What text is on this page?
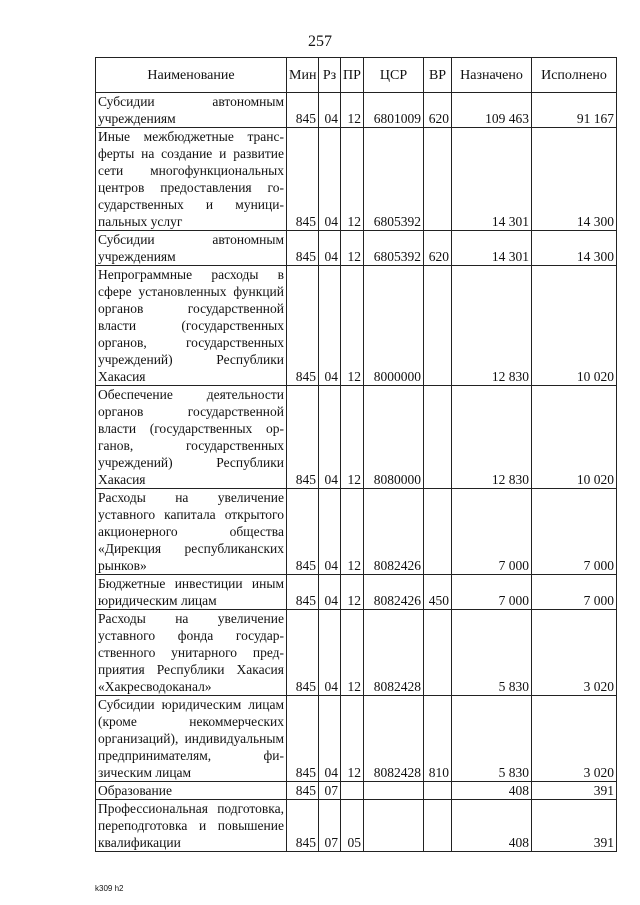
257
Наименование	Мин	Рз	ПР	ЦСР	ВР	Назначено	Исполнено
Субсидии автономным учреждениям	845	04	12	6801009	620	109 463	91 167
Иные межбюджетные трансферты на создание и развитие сети многофункциональных центров предоставления государственных и муниципальных услуг	845	04	12	6805392		14 301	14 300
Субсидии автономным учреждениям	845	04	12	6805392	620	14 301	14 300
Непрограммные расходы в сфере установленных функций органов государственной власти (государственных органов, государственных учреждений) Республики Хакасия	845	04	12	8000000		12 830	10 020
Обеспечение деятельности органов государственной власти (государственных органов, государственных учреждений) Республики Хакасия	845	04	12	8080000		12 830	10 020
Расходы на увеличение уставного капитала открытого акционерного общества «Дирекция республиканских рынков»	845	04	12	8082426		7 000	7 000
Бюджетные инвестиции иным юридическим лицам	845	04	12	8082426	450	7 000	7 000
Расходы на увеличение уставного фонда государственного унитарного предприятия Республики Хакасия «Хакресводоканал»	845	04	12	8082428		5 830	3 020
Субсидии юридическим лицам (кроме некоммерческих организаций), индивидуальным предпринимателям, физическим лицам	845	04	12	8082428	810	5 830	3 020
Образование	845	07				408	391
Профессиональная подготовка, переподготовка и повышение квалификации	845	07	05			408	391
k309 h2
